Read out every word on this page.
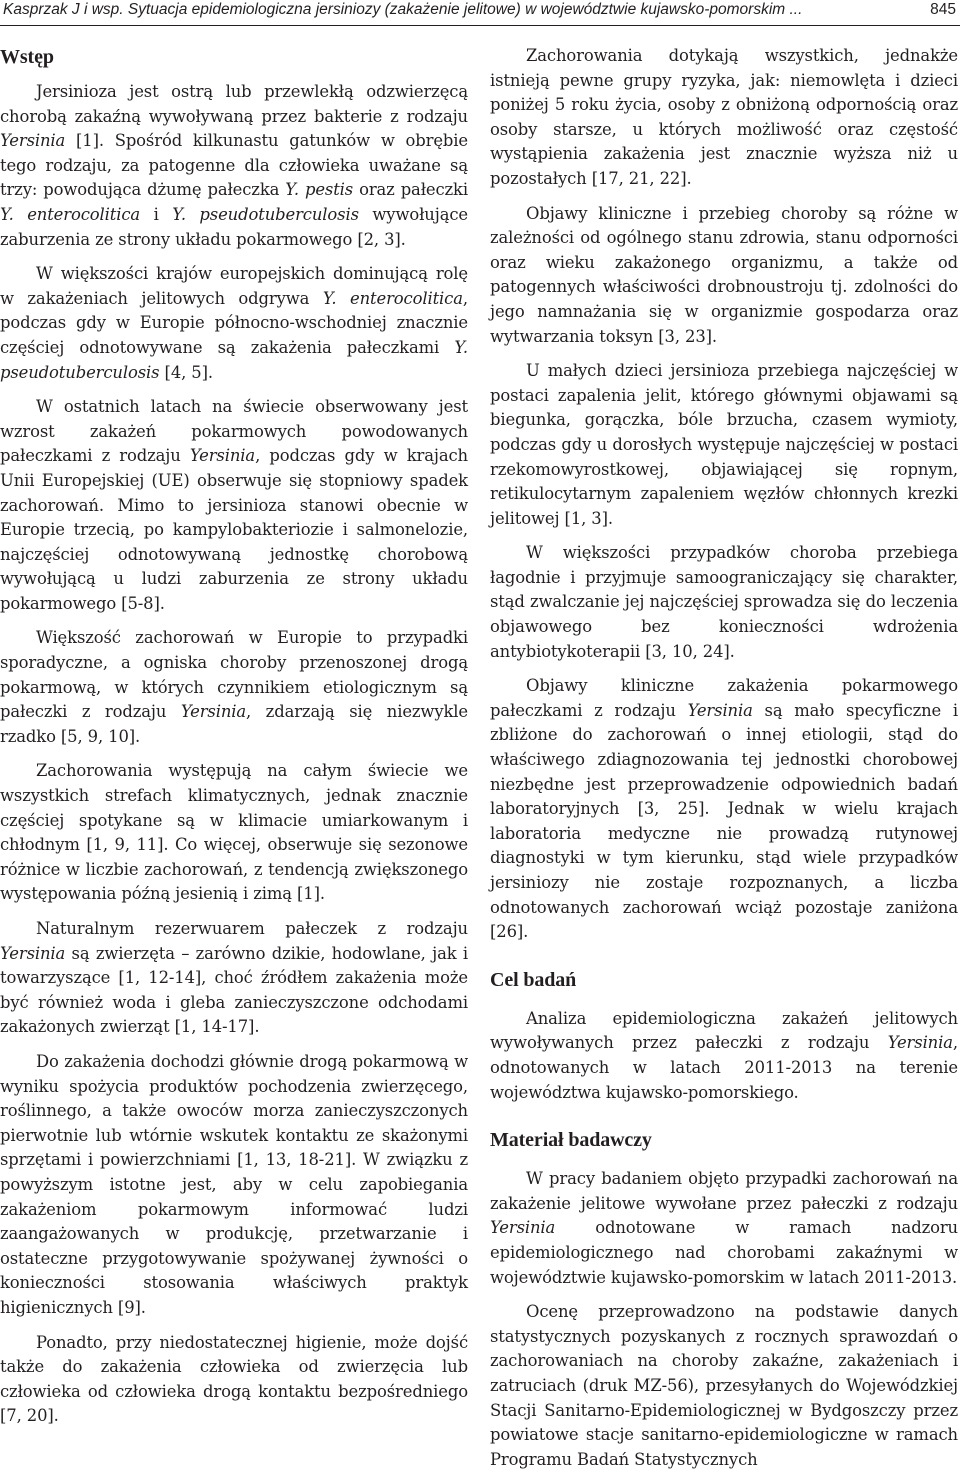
Kasprzak J i wsp. Sytuacja epidemiologiczna jersiniozy (zakażenie jelitowe) w województwie kujawsko-pomorskim ...	845
Wstęp

Jersinioza jest ostrą lub przewlekłą odzwierzęcą chorobą zakaźną wywoływaną przez bakterie z rodzaju Yersinia [1]. Spośród kilkunastu gatunków w obrębie tego rodzaju, za patogenne dla człowieka uważane są trzy: powodująca dżumę pałeczka Y. pestis oraz pałeczki Y. enterocolitica i Y. pseudotuberculosis wywołujące zaburzenia ze strony układu pokarmowego [2, 3].

W większości krajów europejskich dominującą rolę w zakażeniach jelitowych odgrywa Y. enterocolitica, podczas gdy w Europie północno-wschodniej znacznie częściej odnotowywane są zakażenia pałeczkami Y. pseudotuberculosis [4, 5].

W ostatnich latach na świecie obserwowany jest wzrost zakażeń pokarmowych powodowanych pałeczkami z rodzaju Yersinia, podczas gdy w krajach Unii Europejskiej (UE) obserwuje się stopniowy spadek zachorowań. Mimo to jersinioza stanowi obecnie w Europie trzecią, po kampylobakteriozie i salmonelozie, najczęściej odnotowywaną jednostkę chorobową wywołującą u ludzi zaburzenia ze strony układu pokarmowego [5-8].

Większość zachorowań w Europie to przypadki sporadyczne, a ogniska choroby przenoszonej drogą pokarmową, w których czynnikiem etiologicznym są pałeczki z rodzaju Yersinia, zdarzają się niezwykle rzadko [5, 9, 10].

Zachorowania występują na całym świecie we wszystkich strefach klimatycznych, jednak znacznie częściej spotykane są w klimacie umiarkowanym i chłodnym [1, 9, 11]. Co więcej, obserwuje się sezonowe różnice w liczbie zachorowań, z tendencją zwiększonego występowania późną jesienią i zimą [1].

Naturalnym rezerwuarem pałeczek z rodzaju Yersinia są zwierzęta – zarówno dzikie, hodowlane, jak i towarzyszące [1, 12-14], choć źródłem zakażenia może być również woda i gleba zanieczyszczone odchodami zakażonych zwierząt [1, 14-17].

Do zakażenia dochodzi głównie drogą pokarmową w wyniku spożycia produktów pochodzenia zwierzęcego, roślinnego, a także owoców morza zanieczyszczonych pierwotnie lub wtórnie wskutek kontaktu ze skażonymi sprzętami i powierzchniami [1, 13, 18-21]. W związku z powyższym istotne jest, aby w celu zapobiegania zakażeniom pokarmowym informować ludzi zaangażowanych w produkcję, przetwarzanie i ostateczne przygotowywanie spożywanej żywności o konieczności stosowania właściwych praktyk higienicznych [9].

Ponadto, przy niedostatecznej higienie, może dojść także do zakażenia człowieka od zwierzęcia lub człowieka od człowieka drogą kontaktu bezpośredniego [7, 20].

Zachorowania dotykają wszystkich, jednakże istnieją pewne grupy ryzyka, jak: niemowlęta i dzieci poniżej 5 roku życia, osoby z obniżoną odpornością oraz osoby starsze, u których możliwość oraz częstość wystąpienia zakażenia jest znacznie wyższa niż u pozostałych [17, 21, 22].

Objawy kliniczne i przebieg choroby są różne w zależności od ogólnego stanu zdrowia, stanu odporności oraz wieku zakażonego organizmu, a także od patogennych właściwości drobnoustroju tj. zdolności do jego namnażania się w organizmie gospodarza oraz wytwarzania toksyn [3, 23].

U małych dzieci jersinioza przebiega najczęściej w postaci zapalenia jelit, którego głównymi objawami są biegunka, gorączka, bóle brzucha, czasem wymioty, podczas gdy u dorosłych występuje najczęściej w postaci rzekomowyrostkowej, objawiającej się ropnym, retikulocytarnym zapaleniem węzłów chłonnych krezki jelitowej [1, 3].

W większości przypadków choroba przebiega łagodnie i przyjmuje samoograniczający się charakter, stąd zwalczanie jej najczęściej sprowadza się do leczenia objawowego bez konieczności wdrożenia antybiotykoterapii [3, 10, 24].

Objawy kliniczne zakażenia pokarmowego pałeczkami z rodzaju Yersinia są mało specyficzne i zbliżone do zachorowań o innej etiologii, stąd do właściwego zdiagnozowania tej jednostki chorobowej niezbędne jest przeprowadzenie odpowiednich badań laboratoryjnych [3, 25]. Jednak w wielu krajach laboratoria medyczne nie prowadzą rutynowej diagnostyki w tym kierunku, stąd wiele przypadków jersiniozy nie zostaje rozpoznanych, a liczba odnotowanych zachorowań wciąż pozostaje zaniżona [26].

Cel badań

Analiza epidemiologiczna zakażeń jelitowych wywoływanych przez pałeczki z rodzaju Yersinia, odnotowanych w latach 2011-2013 na terenie województwa kujawsko-pomorskiego.

Materiał badawczy

W pracy badaniem objęto przypadki zachorowań na zakażenie jelitowe wywołane przez pałeczki z rodzaju Yersinia odnotowane w ramach nadzoru epidemiologicznego nad chorobami zakaźnymi w województwie kujawsko-pomorskim w latach 2011-2013.

Ocenę przeprowadzono na podstawie danych statystycznych pozyskanych z rocznych sprawozdań o zachorowaniach na choroby zakaźne, zakażeniach i zatruciach (druk MZ-56), przesyłanych do Wojewódzkiej Stacji Sanitarno-Epidemiologicznej w Bydgoszczy przez powiatowe stacje sanitarno-epidemiologiczne w ramach Programu Badań Statystycznych
